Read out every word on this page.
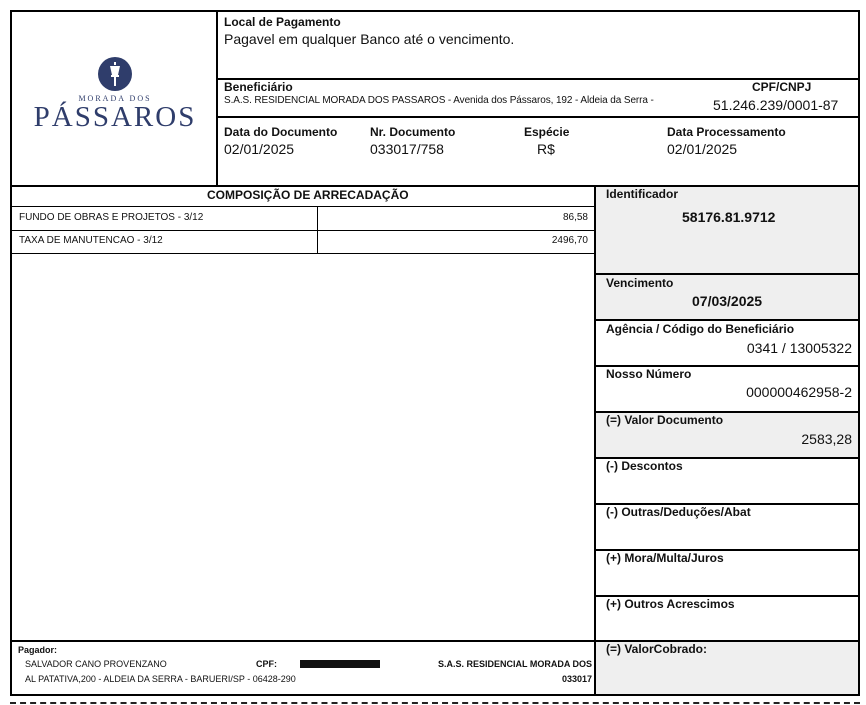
MORADA DOS
PÁSSAROS
Local de Pagamento
Pagavel em qualquer Banco até o vencimento.
Beneficiário
S.A.S. RESIDENCIAL MORADA DOS PASSAROS - Avenida dos Pássaros, 192 - Aldeia da Serra -
CPF/CNPJ
51.246.239/0001-87
Data do Documento
02/01/2025
Nr. Documento
033017/758
Espécie
R$
Data Processamento
02/01/2025
Identificador
58176.81.9712
Vencimento
07/03/2025
Agência / Código do Beneficiário
0341 / 13005322
Nosso Número
000000462958-2
(=) Valor Documento
2583,28
(-) Descontos
(-) Outras/Deduções/Abat
(+) Mora/Multa/Juros
(+) Outros Acrescimos
(=) ValorCobrado:
COMPOSIÇÃO DE ARRECADAÇÃO
FUNDO DE OBRAS E PROJETOS - 3/12	86,58
TAXA DE MANUTENCAO - 3/12	2496,70
Pagador:
SALVADOR CANO PROVENZANO	CPF:
AL PATATIVA,200 - ALDEIA DA SERRA - BARUERI/SP - 06428-290
S.A.S. RESIDENCIAL MORADA DOS
033017
